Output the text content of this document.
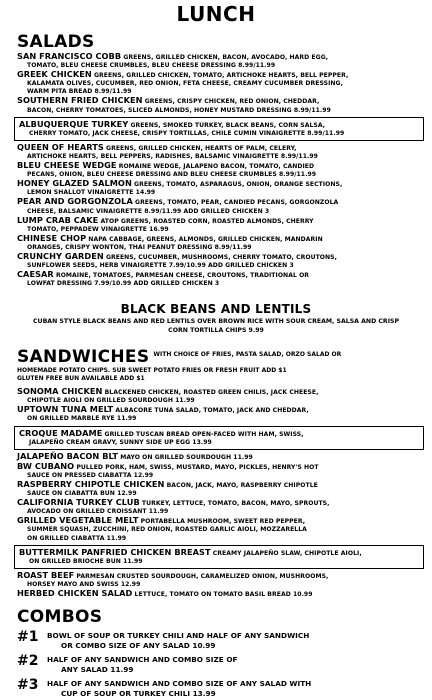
LUNCH
SALADS
SAN FRANCISCO COBB GREENS, GRILLED CHICKEN, BACON, AVOCADO, HARD EGG,
TOMATO, BLEU CHEESE CRUMBLES, BLEU CHEESE DRESSING 8.99/11.99
GREEK CHICKEN GREENS, GRILLED CHICKEN, TOMATO, ARTICHOKE HEARTS, BELL PEPPER,
KALAMATA OLIVES, CUCUMBER, RED ONION, FETA CHEESE, CREAMY CUCUMBER DRESSING,
WARM PITA BREAD 8.99/11.99
SOUTHERN FRIED CHICKEN GREENS, CRISPY CHICKEN, RED ONION, CHEDDAR,
BACON, CHERRY TOMATOES, SLICED ALMONDS, HONEY MUSTARD DRESSING 8.99/11.99
ALBUQUERQUE TURKEY GREENS, SMOKED TURKEY, BLACK BEANS, CORN SALSA,
CHERRY TOMATO, JACK CHEESE, CRISPY TORTILLAS, CHILE CUMIN VINAIGRETTE 8.99/11.99
QUEEN OF HEARTS GREENS, GRILLED CHICKEN, HEARTS OF PALM, CELERY,
ARTICHOKE HEARTS, BELL PEPPERS, RADISHES, BALSAMIC VINAIGRETTE 8.99/11.99
BLEU CHEESE WEDGE ROMAINE WEDGE, JALAPENO BACON, TOMATO, CANDIED
PECANS, ONION, BLEU CHEESE DRESSING AND BLEU CHEESE CRUMBLES 8.99/11.99
HONEY GLAZED SALMON GREENS, TOMATO, ASPARAGUS, ONION, ORANGE SECTIONS,
LEMON SHALLOT VINAIGRETTE 14.99
PEAR AND GORGONZOLA GREENS, TOMATO, PEAR, CANDIED PECANS, GORGONZOLA
CHEESE, BALSAMIC VINAIGRETTE 8.99/11.99 ADD GRILLED CHICKEN 3
LUMP CRAB CAKE ATOP GREENS, ROASTED CORN, ROASTED ALMONDS, CHERRY
TOMATO, PEPPADEW VINAIGRETTE 16.99
CHINESE CHOP NAPA CABBAGE, GREENS, ALMONDS, GRILLED CHICKEN, MANDARIN
ORANGES, CRISPY WONTON, THAI PEANUT DRESSING 8.99/11.99
CRUNCHY GARDEN GREENS, CUCUMBER, MUSHROOMS, CHERRY TOMATO, CROUTONS,
SUNFLOWER SEEDS, HERB VINAIGRETTE 7.99/10.99 ADD GRILLED CHICKEN 3
CAESAR ROMAINE, TOMATOES, PARMESAN CHEESE, CROUTONS, TRADITIONAL OR
LOWFAT DRESSING 7.99/10.99 ADD GRILLED CHICKEN 3
BLACK BEANS AND LENTILS
CUBAN STYLE BLACK BEANS AND RED LENTILS OVER BROWN RICE WITH SOUR CREAM, SALSA AND CRISP CORN TORTILLA CHIPS 9.99
SANDWICHES WITH CHOICE OF FRIES, PASTA SALAD, ORZO SALAD OR
HOMEMADE POTATO CHIPS. SUB SWEET POTATO FRIES OR FRESH FRUIT ADD $1
GLUTEN FREE BUN AVAILABLE ADD $1
SONOMA CHICKEN BLACKENED CHICKEN, ROASTED GREEN CHILIS, JACK CHEESE,
CHIPOTLE AIOLI ON GRILLED SOURDOUGH 11.99
UPTOWN TUNA MELT ALBACORE TUNA SALAD, TOMATO, JACK AND CHEDDAR,
ON GRILLED MARBLE RYE 11.99
CROQUE MADAME GRILLED TUSCAN BREAD OPEN-FACED WITH HAM, SWISS,
JALAPEÑO CREAM GRAVY, SUNNY SIDE UP EGG 13.99
JALAPEÑO BACON BLT MAYO ON GRILLED SOURDOUGH 11.99
BW CUBANO PULLED PORK, HAM, SWISS, MUSTARD, MAYO, PICKLES, HENRY'S HOT
SAUCE ON PRESSED CIABATTA 12.99
RASPBERRY CHIPOTLE CHICKEN BACON, JACK, MAYO, RASPBERRY CHIPOTLE
SAUCE ON CIABATTA BUN 12.99
CALIFORNIA TURKEY CLUB TURKEY, LETTUCE, TOMATO, BACON, MAYO, SPROUTS,
AVOCADO ON GRILLED CROISSANT 11.99
GRILLED VEGETABLE MELT PORTABELLA MUSHROOM, SWEET RED PEPPER,
SUMMER SQUASH, ZUCCHINI, RED ONION, ROASTED GARLIC AIOLI, MOZZARELLA
ON GRILLED CIABATTA 11.99
BUTTERMILK PANFRIED CHICKEN BREAST CREAMY JALAPEÑO SLAW, CHIPOTLE AIOLI,
ON GRILLED BRIOCHE BUN 11.99
ROAST BEEF PARMESAN CRUSTED SOURDOUGH, CARAMELIZED ONION, MUSHROOMS,
HORSEY MAYO AND SWISS 12.99
HERBED CHICKEN SALAD LETTUCE, TOMATO ON TOMATO BASIL BREAD 10.99
COMBOS
#1	BOWL OF SOUP OR TURKEY CHILI AND HALF OF ANY SANDWICH
OR COMBO SIZE OF ANY SALAD 10.99
#2	HALF OF ANY SANDWICH AND COMBO SIZE OF
ANY SALAD 11.99
#3	HALF OF ANY SANDWICH AND COMBO SIZE OF ANY SALAD WITH
CUP OF SOUP OR TURKEY CHILI 13.99
